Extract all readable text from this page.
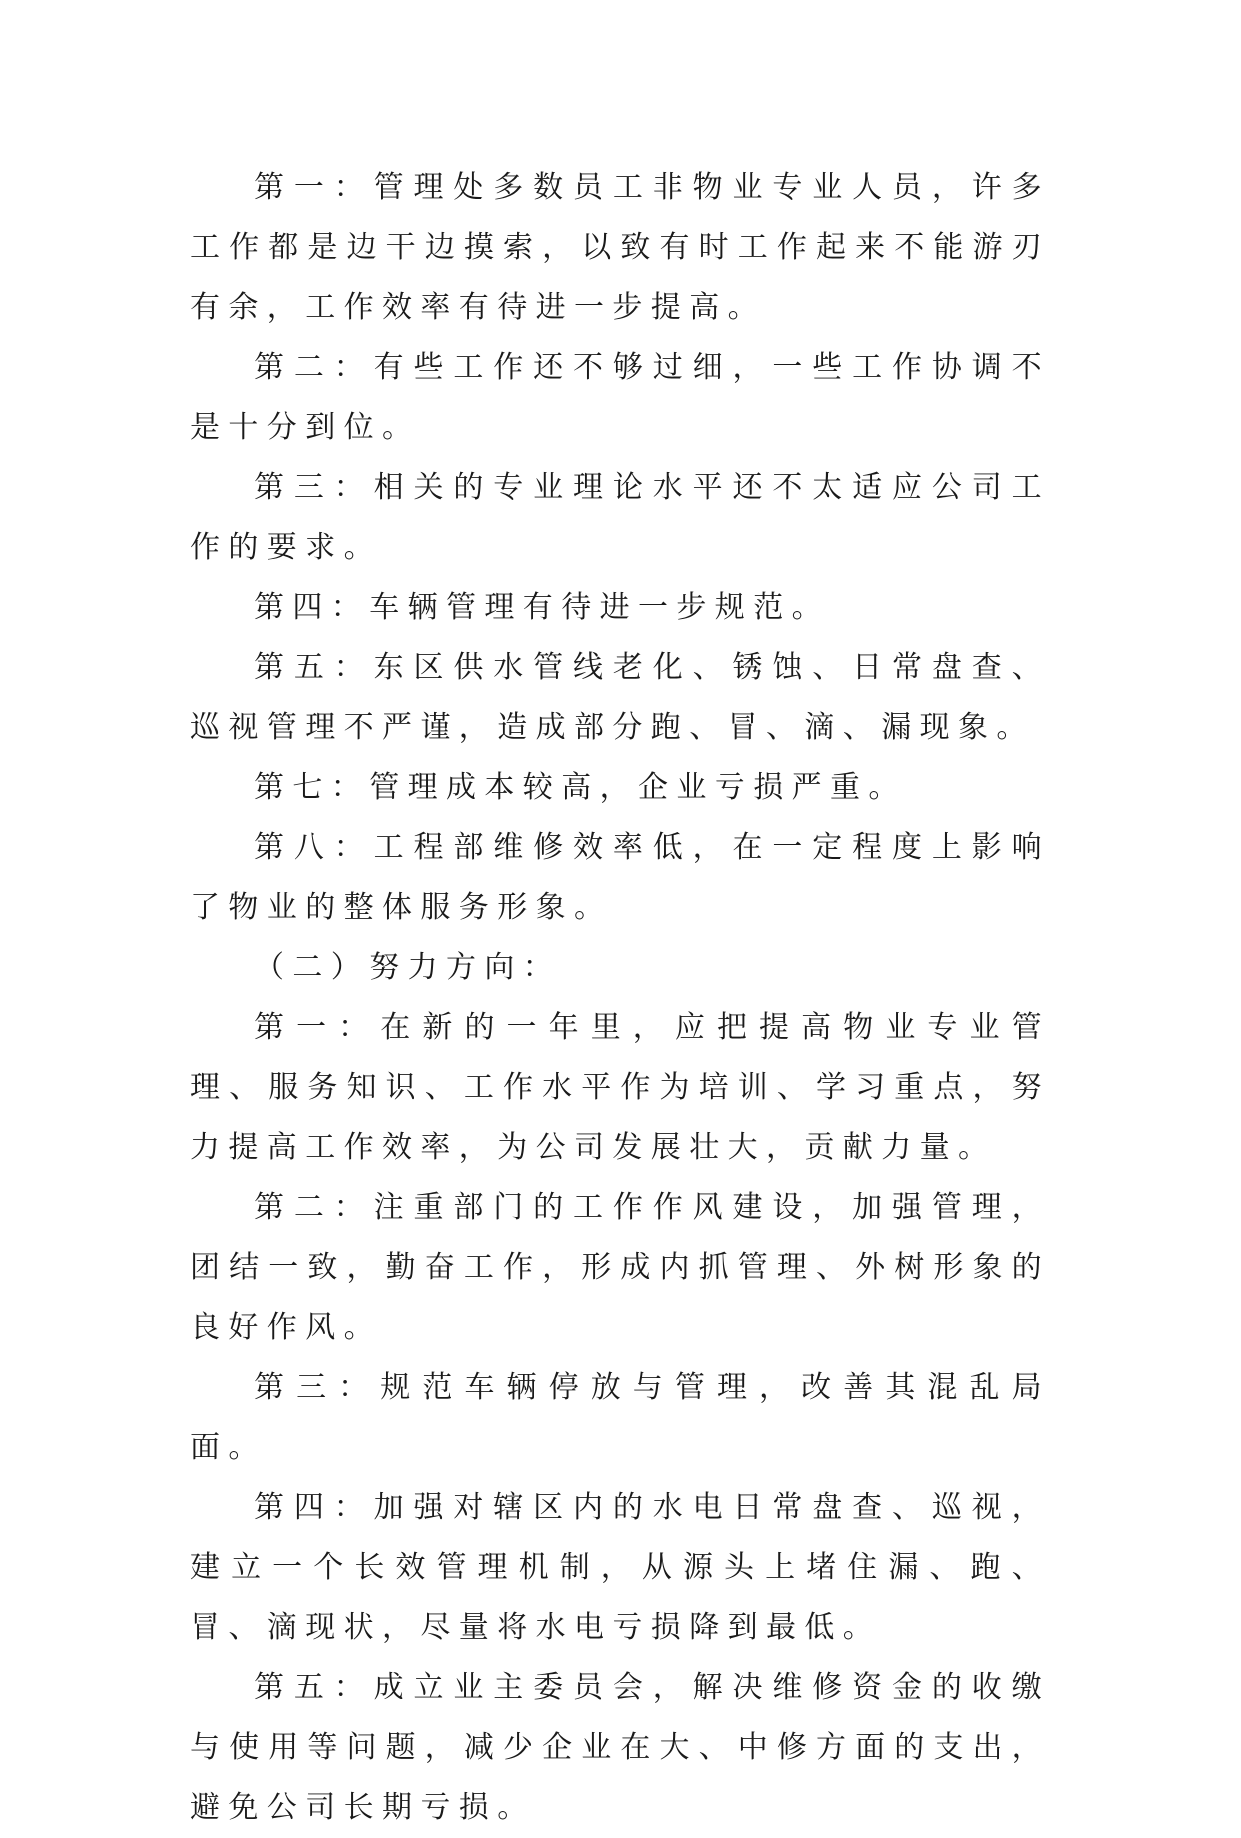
第一：管理处多数员工非物业专业人员，许多工作都是边干边摸索，以致有时工作起来不能游刃有余，工作效率有待进一步提高。

第二：有些工作还不够过细，一些工作协调不是十分到位。

第三：相关的专业理论水平还不太适应公司工作的要求。

第四：车辆管理有待进一步规范。

第五：东区供水管线老化、锈蚀、日常盘查、巡视管理不严谨，造成部分跑、冒、滴、漏现象。

第七：管理成本较高，企业亏损严重。

第八：工程部维修效率低，在一定程度上影响了物业的整体服务形象。

（二）努力方向：

第一：在新的一年里，应把提高物业专业管理、服务知识、工作水平作为培训、学习重点，努力提高工作效率，为公司发展壮大，贡献力量。

第二：注重部门的工作作风建设，加强管理，团结一致，勤奋工作，形成内抓管理、外树形象的良好作风。

第三：规范车辆停放与管理，改善其混乱局面。

第四：加强对辖区内的水电日常盘查、巡视，建立一个长效管理机制，从源头上堵住漏、跑、冒、滴现状，尽量将水电亏损降到最低。

第五：成立业主委员会，解决维修资金的收缴与使用等问题，减少企业在大、中修方面的支出，避免公司长期亏损。
